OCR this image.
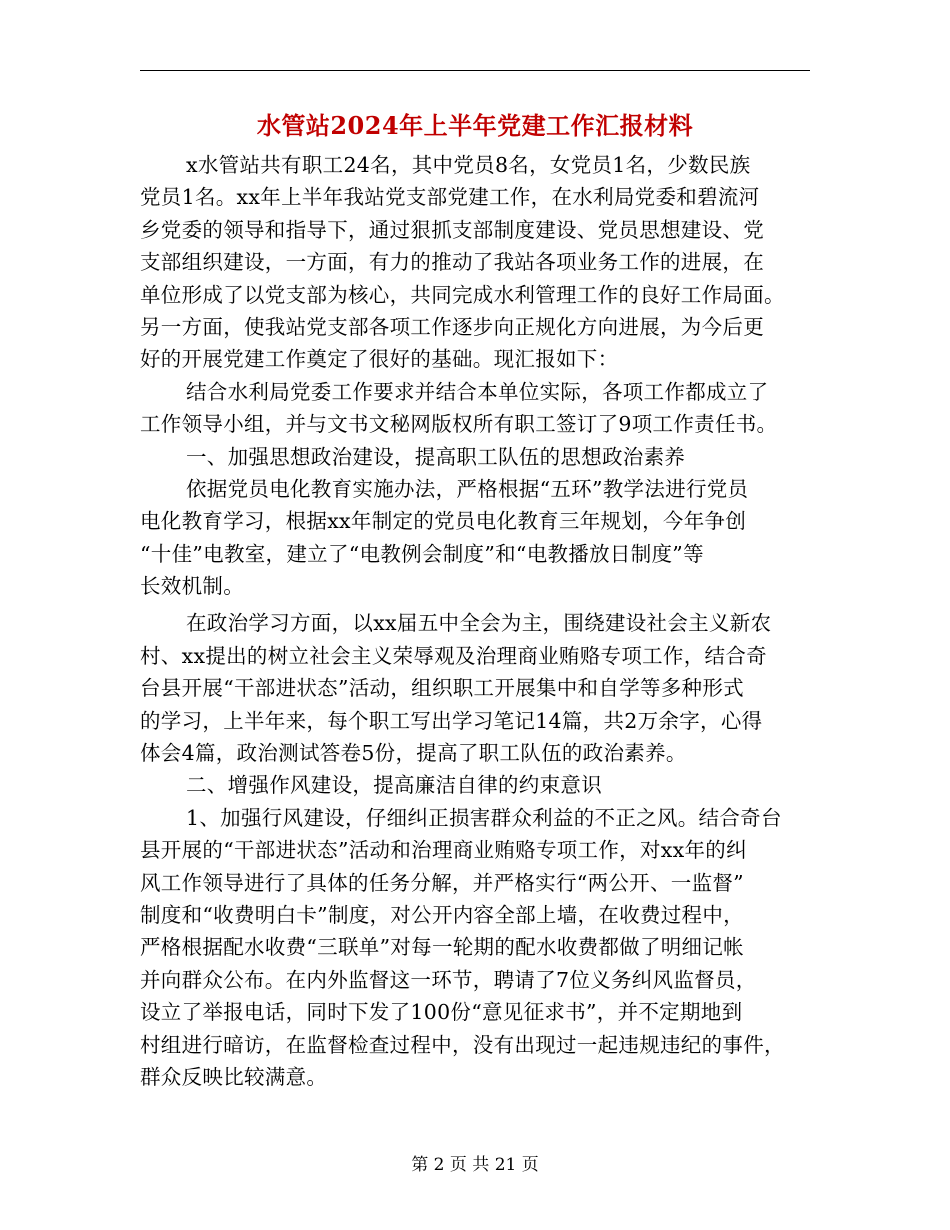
水管站2024年上半年党建工作汇报材料
x水管站共有职工24名，其中党员8名，女党员1名，少数民族
党员1名。xx年上半年我站党支部党建工作，在水利局党委和碧流河
乡党委的领导和指导下，通过狠抓支部制度建设、党员思想建设、党
支部组织建设，一方面，有力的推动了我站各项业务工作的进展，在
单位形成了以党支部为核心，共同完成水利管理工作的良好工作局面。
另一方面，使我站党支部各项工作逐步向正规化方向进展，为今后更
好的开展党建工作奠定了很好的基础。现汇报如下：
结合水利局党委工作要求并结合本单位实际，各项工作都成立了
工作领导小组，并与文书文秘网版权所有职工签订了9项工作责任书。
一、加强思想政治建设，提高职工队伍的思想政治素养
依据党员电化教育实施办法，严格根据“五环”教学法进行党员
电化教育学习，根据xx年制定的党员电化教育三年规划，今年争创
“十佳”电教室，建立了“电教例会制度”和“电教播放日制度”等
长效机制。
在政治学习方面，以xx届五中全会为主，围绕建设社会主义新农
村、xx提出的树立社会主义荣辱观及治理商业贿赂专项工作，结合奇
台县开展“干部进状态”活动，组织职工开展集中和自学等多种形式
的学习，上半年来，每个职工写出学习笔记14篇，共2万余字，心得
体会4篇，政治测试答卷5份，提高了职工队伍的政治素养。
二、增强作风建设，提高廉洁自律的约束意识
1、加强行风建设，仔细纠正损害群众利益的不正之风。结合奇台
县开展的“干部进状态”活动和治理商业贿赂专项工作，对xx年的纠
风工作领导进行了具体的任务分解，并严格实行“两公开、一监督”
制度和“收费明白卡”制度，对公开内容全部上墙，在收费过程中，
严格根据配水收费“三联单”对每一轮期的配水收费都做了明细记帐
并向群众公布。在内外监督这一环节，聘请了7位义务纠风监督员，
设立了举报电话，同时下发了100份“意见征求书”，并不定期地到
村组进行暗访，在监督检查过程中，没有出现过一起违规违纪的事件，
群众反映比较满意。
第 2 页 共 21 页
